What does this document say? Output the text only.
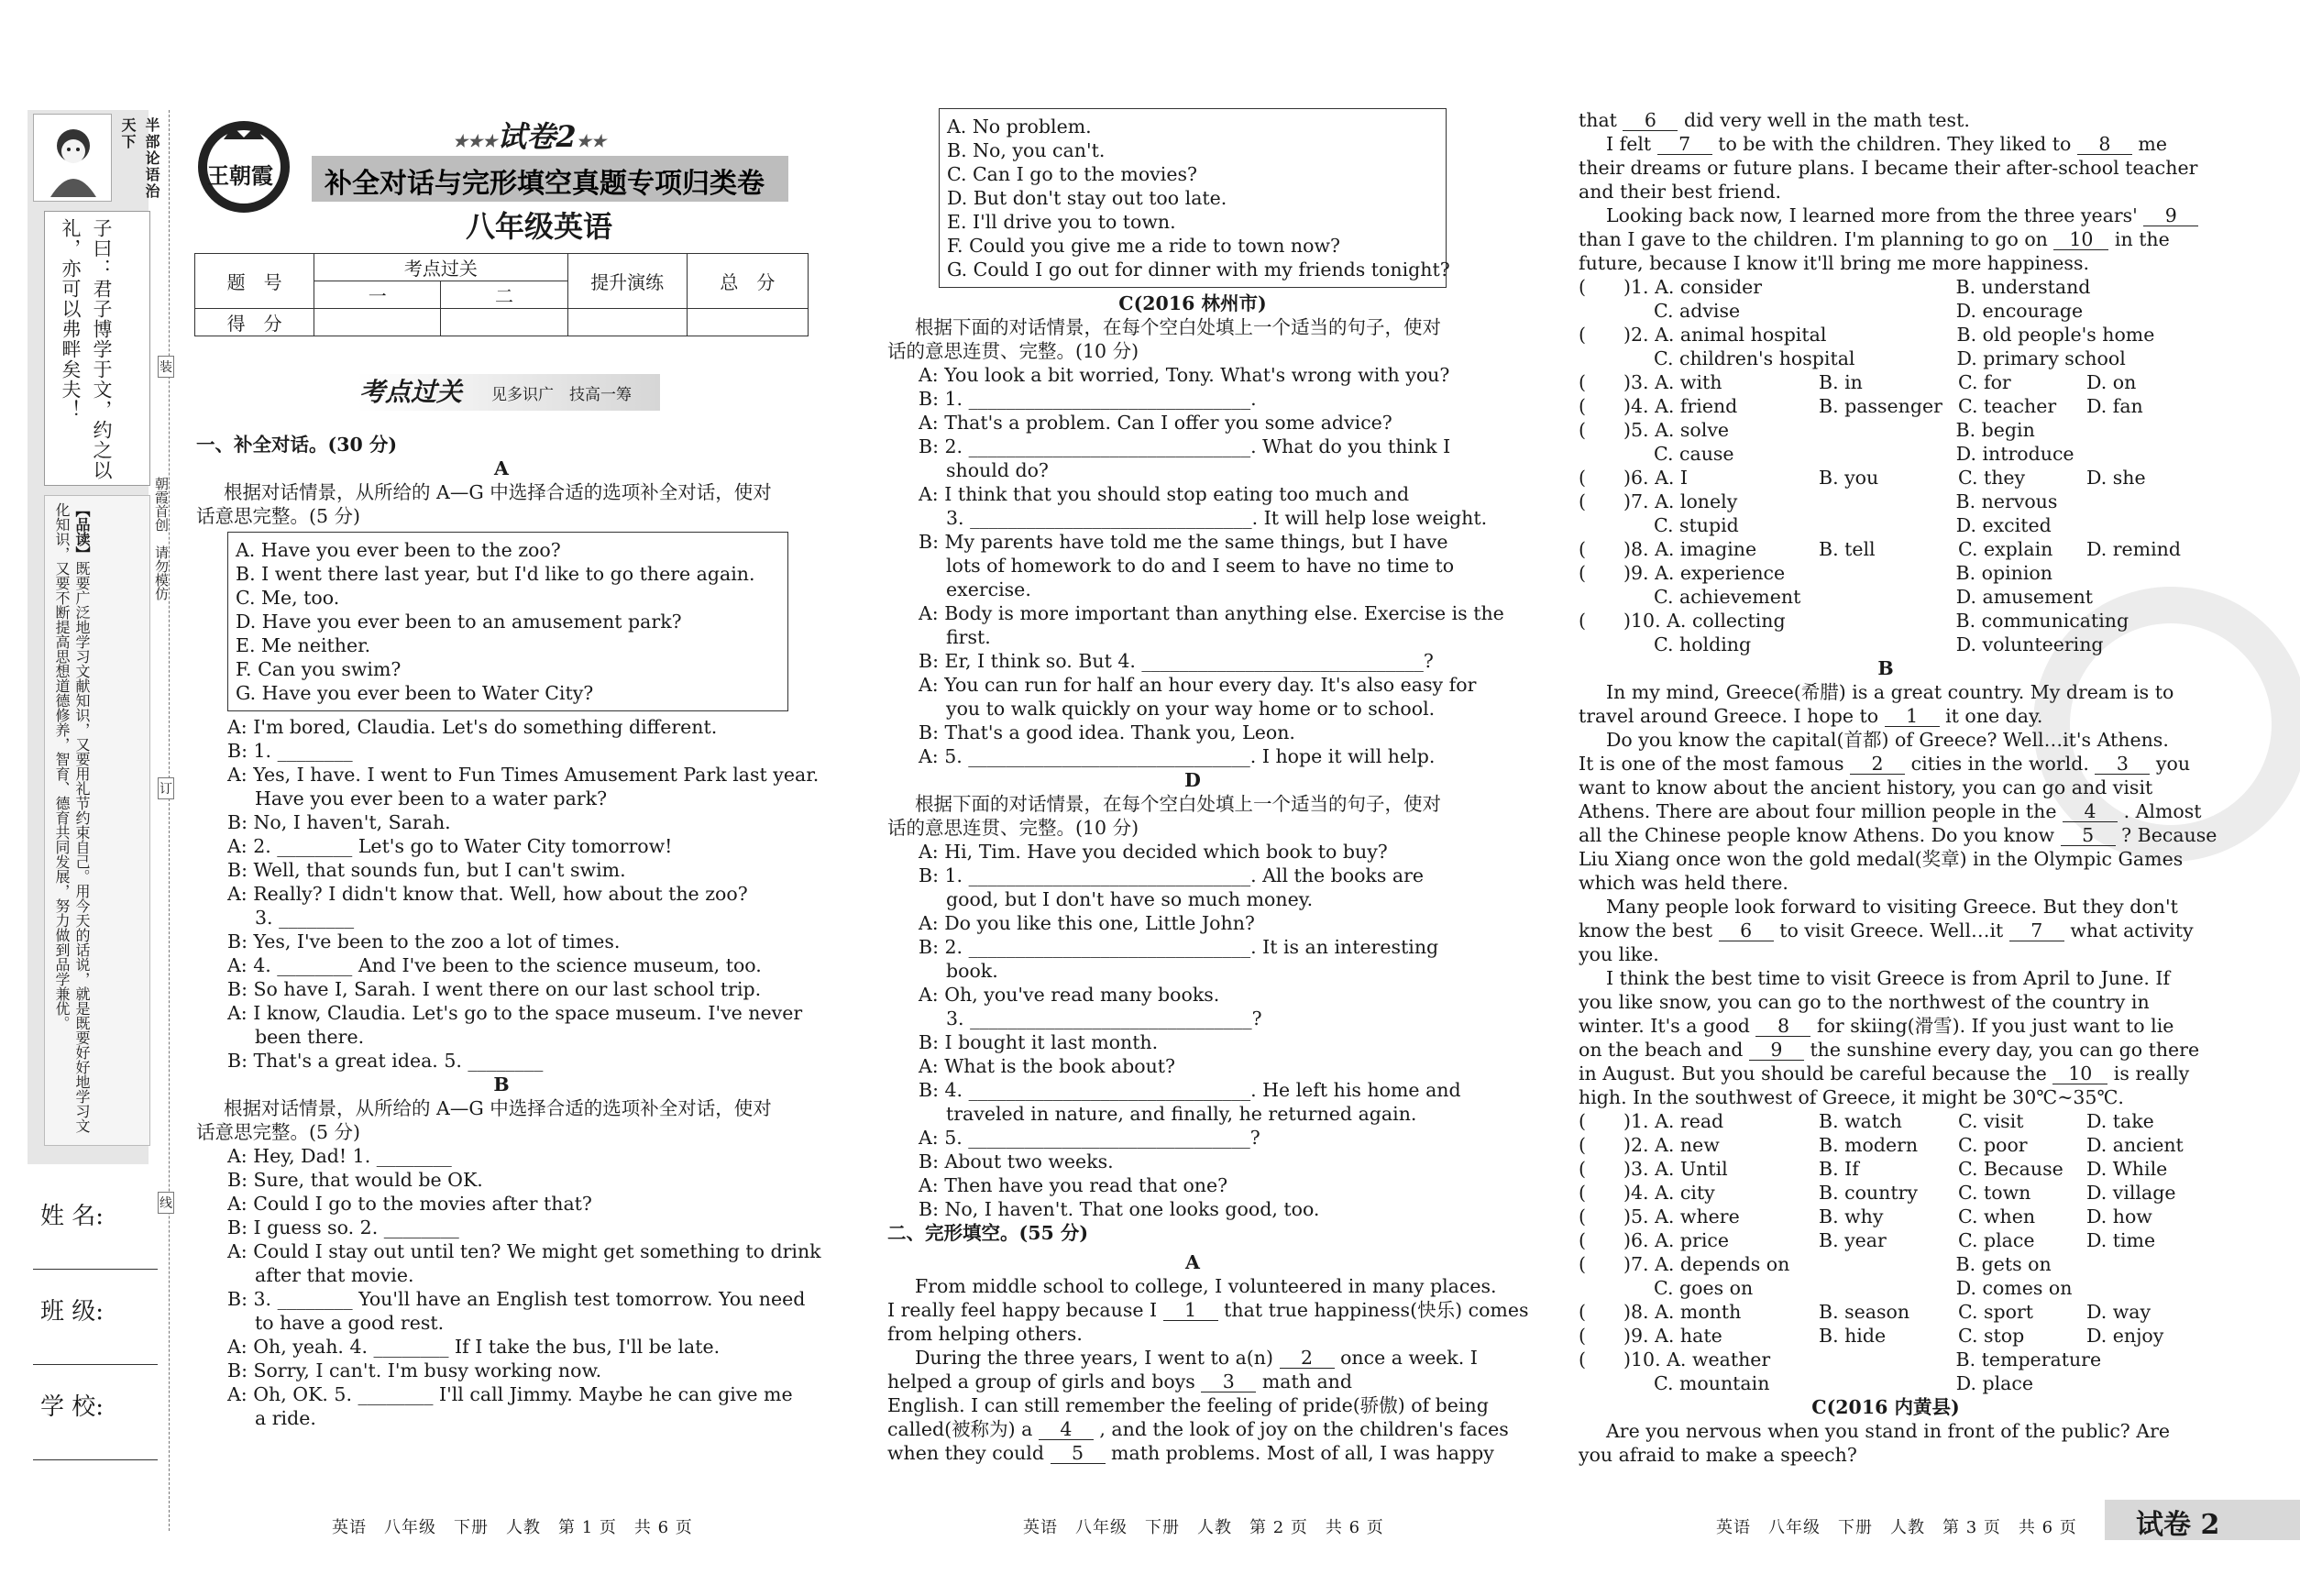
半部论语治天下
子曰：君子博学于文，约之以礼，亦可以弗畔矣夫！
【品读】既要广泛地学习文献知识，又要用礼节约束自己。用今天的话说，就是既要好好地学习文化知识，又要不断提高思想道德修养，智育、德育共同发展，努力做到品学兼优。	朝霞首创　请勿模仿
装
订
线
姓 名:
班 级:
学 校:
王朝霞
★★★试卷2★★
补全对话与完形填空真题专项归类卷
八年级英语
题　号	考点过关		提升演练	总　分
	一	二		
得　分				
考点过关 见多识广　技高一筹
一、补全对话。(30 分)
A
根据对话情景，从所给的 A—G 中选择合适的选项补全对话，使对
话意思完整。(5 分)
A. Have you ever been to the zoo?
B. I went there last year, but I'd like to go there again.
C. Me, too.
D. Have you ever been to an amusement park?
E. Me neither.
F. Can you swim?
G. Have you ever been to Water City?
A: I'm bored, Claudia. Let's do something different.
B: 1. ________
A: Yes, I have. I went to Fun Times Amusement Park last year.
Have you ever been to a water park?
B: No, I haven't, Sarah.
A: 2. ________ Let's go to Water City tomorrow!
B: Well, that sounds fun, but I can't swim.
A: Really? I didn't know that. Well, how about the zoo?
3. ________
B: Yes, I've been to the zoo a lot of times.
A: 4. ________ And I've been to the science museum, too.
B: So have I, Sarah. I went there on our last school trip.
A: I know, Claudia. Let's go to the space museum. I've never
been there.
B: That's a great idea. 5. ________
B
根据对话情景，从所给的 A—G 中选择合适的选项补全对话，使对
话意思完整。(5 分)
A: Hey, Dad! 1. ________
B: Sure, that would be OK.
A: Could I go to the movies after that?
B: I guess so. 2. ________
A: Could I stay out until ten? We might get something to drink
after that movie.
B: 3. ________ You'll have an English test tomorrow. You need
to have a good rest.
A: Oh, yeah. 4. ________ If I take the bus, I'll be late.
B: Sorry, I can't. I'm busy working now.
A: Oh, OK. 5. ________ I'll call Jimmy. Maybe he can give me
a ride.
英语　八年级　下册　人教　第 1 页　共 6 页
A. No problem.
B. No, you can't.
C. Can I go to the movies?
D. But don't stay out too late.
E. I'll drive you to town.
F. Could you give me a ride to town now?
G. Could I go out for dinner with my friends tonight?
C(2016 林州市)
根据下面的对话情景，在每个空白处填上一个适当的句子，使对
话的意思连贯、完整。(10 分)
A: You look a bit worried, Tony. What's wrong with you?
B: 1. ______________________________.
A: That's a problem. Can I offer you some advice?
B: 2. ______________________________. What do you think I
should do?
A: I think that you should stop eating too much and
3. ______________________________. It will help lose weight.
B: My parents have told me the same things, but I have
lots of homework to do and I seem to have no time to
exercise.
A: Body is more important than anything else. Exercise is the
first.
B: Er, I think so. But 4. ______________________________?
A: You can run for half an hour every day. It's also easy for
you to walk quickly on your way home or to school.
B: That's a good idea. Thank you, Leon.
A: 5. ______________________________. I hope it will help.
D
根据下面的对话情景，在每个空白处填上一个适当的句子，使对
话的意思连贯、完整。(10 分)
A: Hi, Tim. Have you decided which book to buy?
B: 1. ______________________________. All the books are
good, but I don't have so much money.
A: Do you like this one, Little John?
B: 2. ______________________________. It is an interesting
book.
A: Oh, you've read many books.
3. ______________________________?
B: I bought it last month.
A: What is the book about?
B: 4. ______________________________. He left his home and
traveled in nature, and finally, he returned again.
A: 5. ______________________________?
B: About two weeks.
A: Then have you read that one?
B: No, I haven't. That one looks good, too.
二、完形填空。(55 分)
A
From middle school to college, I volunteered in many places.
I really feel happy because I 1 that true happiness(快乐) comes
from helping others.
During the three years, I went to a(n) 2 once a week. I
helped a group of girls and boys 3 math and
English. I can still remember the feeling of pride(骄傲) of being
called(被称为) a 4 , and the look of joy on the children's faces
when they could 5 math problems. Most of all, I was happy
英语　八年级　下册　人教　第 2 页　共 6 页
that 6 did very well in the math test.
I felt 7 to be with the children. They liked to 8 me
their dreams or future plans. I became their after-school teacher
and their best friend.
Looking back now, I learned more from the three years' 9
than I gave to the children. I'm planning to go on 10 in the
future, because I know it'll bring me more happiness.
(　　)1. A. consider	B. understand
C. advise	D. encourage
(　　)2. A. animal hospital	B. old people's home
C. children's hospital	D. primary school
(　　)3. A. with	B. in	C. for	D. on
(　　)4. A. friend	B. passenger C. teacher	D. fan
(　　)5. A. solve	B. begin
C. cause	D. introduce
(　　)6. A. I	B. you	C. they	D. she
(　　)7. A. lonely	B. nervous
C. stupid	D. excited
(　　)8. A. imagine	B. tell	C. explain	D. remind
(　　)9. A. experience	B. opinion
C. achievement	D. amusement
(　　)10. A. collecting	B. communicating
C. holding	D. volunteering
B
In my mind, Greece(希腊) is a great country. My dream is to
travel around Greece. I hope to 1 it one day.
Do you know the capital(首都) of Greece? Well…it's Athens.
It is one of the most famous 2 cities in the world. 3 you
want to know about the ancient history, you can go and visit
Athens. There are about four million people in the 4 . Almost
all the Chinese people know Athens. Do you know 5 ? Because
Liu Xiang once won the gold medal(奖章) in the Olympic Games
which was held there.
Many people look forward to visiting Greece. But they don't
know the best 6 to visit Greece. Well…it 7 what activity
you like.
I think the best time to visit Greece is from April to June. If
you like snow, you can go to the northwest of the country in
winter. It's a good 8 for skiing(滑雪). If you just want to lie
on the beach and 9 the sunshine every day, you can go there
in August. But you should be careful because the 10 is really
high. In the southwest of Greece, it might be 30℃~35℃.
(　　)1. A. read	B. watch	C. visit	D. take
(　　)2. A. new	B. modern	C. poor	D. ancient
(　　)3. A. Until	B. If	C. Because	D. While
(　　)4. A. city	B. country	C. town	D. village
(　　)5. A. where	B. why	C. when	D. how
(　　)6. A. price	B. year	C. place	D. time
(　　)7. A. depends on	B. gets on
C. goes on	D. comes on
(　　)8. A. month	B. season	C. sport	D. way
(　　)9. A. hate	B. hide	C. stop	D. enjoy
(　　)10. A. weather	B. temperature
C. mountain	D. place
C(2016 内黄县)
Are you nervous when you stand in front of the public? Are
you afraid to make a speech?
英语　八年级　下册　人教　第 3 页　共 6 页 试卷 2
